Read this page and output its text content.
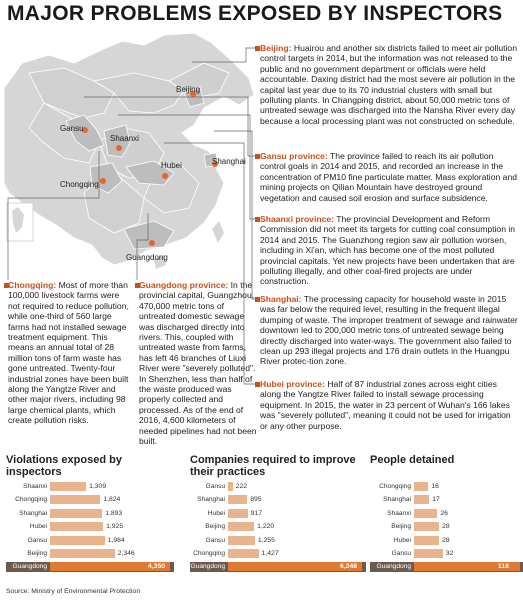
MAJOR PROBLEMS EXPOSED BY INSPECTORS
Beijing
Gansu
Shaanxi
Hubei	Shanghai
Chongqing
Guangdong
Beijing: Huairou and another six districts failed to meet air pollution control targets in 2014, but the information was not released to the public and no government department or officials were held accountable. Daxing district had the most severe air pollution in the capital last year due to its 70 industrial clusters with small but polluting plants. In Changping district, about 50,000 metric tons of untreated sewage was discharged into the Nansha River every day because a local processing plant was not constructed on schedule.
Gansu province: The province failed to reach its air pollution control goals in 2014 and 2015, and recorded an increase in the concentration of PM10 fine particulate matter. Mass exploration and mining projects on Qilian Mountain have destroyed ground vegetation and caused soil erosion and surface subsidence.
Shaanxi province: The provincial Development and Reform Commission did not meet its targets for cutting coal consumption in 2014 and 2015. The Guanzhong region saw air pollution worsen, including in Xi'an, which has become one of the most polluted provincial capitals. Yet new projects have been undertaken that are polluting illegally, and other coal-fired projects are under construction.
Shanghai: The processing capacity for household waste in 2015 was far below the required level, resulting in the frequent illegal dumping of waste. The improper treatment of sewage and rainwater downtown led to 200,000 metric tons of untreated sewage being directly discharged into water-ways. The government also failed to clean up 293 illegal projects and 176 drain outlets in the Huangpu River protec-tion zone.
Hubei province: Half of 87 industrial zones across eight cities along the Yangtze River failed to install sewage processing equipment. In 2015, the water in 23 percent of Wuhan's 166 lakes was "severely polluted", meaning it could not be used for irrigation or any other purpose.
Chongqing: Most of more than 100,000 livestock farms were not required to reduce pollution, while one-third of 560 large farms had not installed sewage treatment equipment. This means an annual total of 28 million tons of farm waste has gone untreated. Twenty-four industrial zones have been built along the Yangtze River and other major rivers, including 98 large chemical plants, which create pollution risks.
Guangdong province: In the provincial capital, Guangzhou, 470,000 metric tons of untreated domestic sewage was discharged directly into rivers. This, coupled with untreated waste from farms, has left 46 branches of Liuxi River were "severely polluted".
In Shenzhen, less than half of the waste produced was properly collected and processed. As of the end of 2016, 4,600 kilometers of needed pipelines had not been built.
Violations exposed by inspectors
Shaanxi	1,309
Chongqing	1,824
Shanghai	1,893
Hubei	1,925
Gansu	1,984
Beijing	2,346
Guangdong	4,350
Companies required to improve their practices
Gansu 222
Shanghai	895
Hubei	917
Beijing	1,220
Gansu	1,255
Chongqing	1,427
Guangdong	6,248
People detained
Chongqing	16
Shanghai	17
Shaanxi	26
Beijing	28
Hubei	28
Gansu	32
Guangdong	118
Source: Ministry of Environmental Protection
